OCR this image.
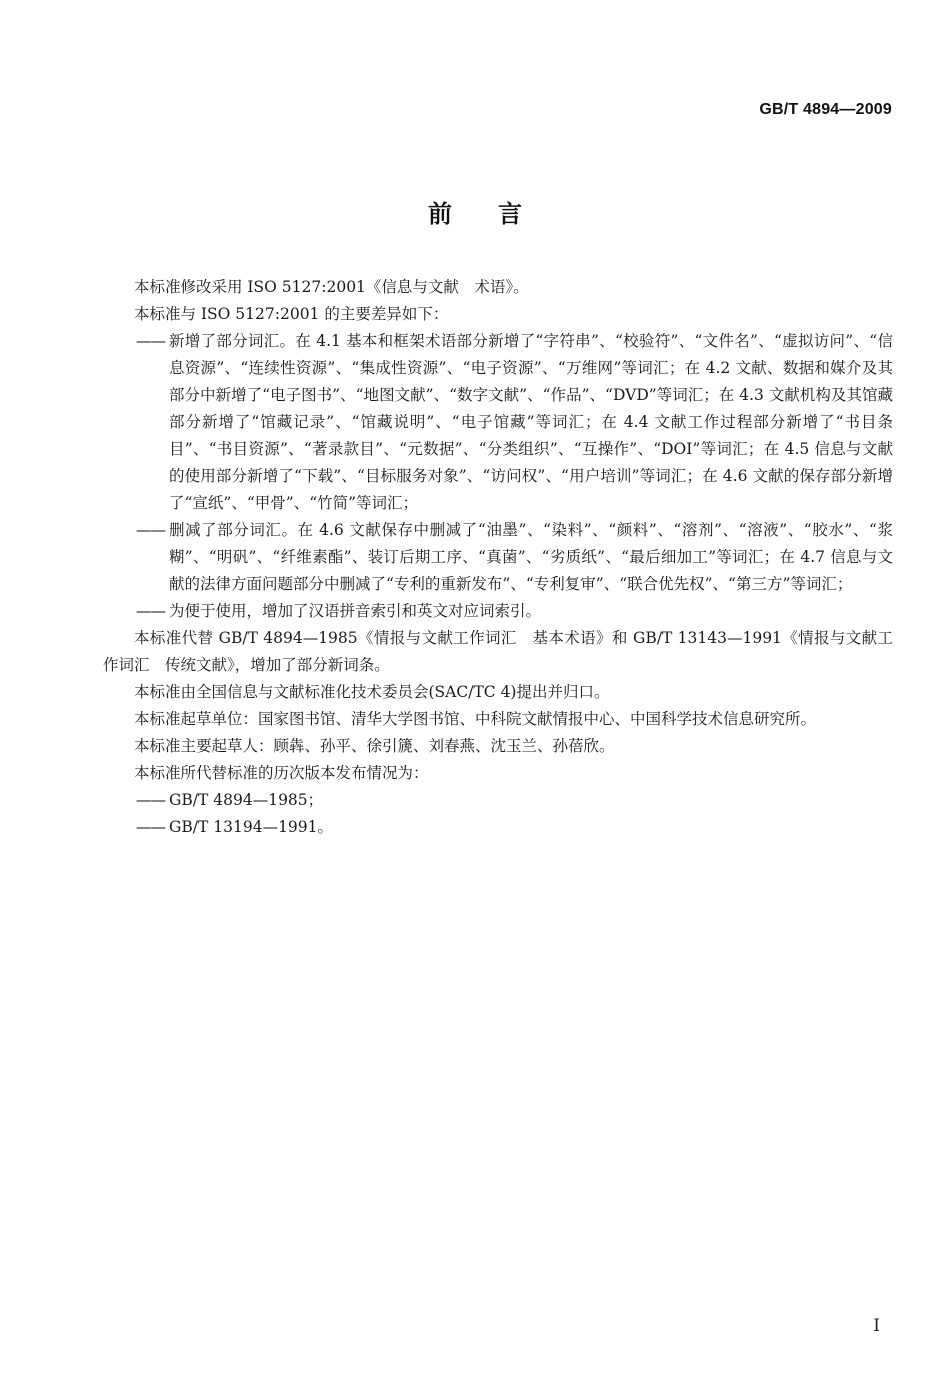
GB/T 4894—2009
前言

本标准修改采用 ISO 5127:2001《信息与文献　术语》。

本标准与 ISO 5127:2001 的主要差异如下：

—— 新增了部分词汇。在 4.1 基本和框架术语部分新增了“字符串”、“校验符”、“文件名”、“虚拟访问”、“信息资源”、“连续性资源”、“集成性资源”、“电子资源”、“万维网”等词汇；在 4.2 文献、数据和媒介及其部分中新增了“电子图书”、“地图文献”、“数字文献”、“作品”、“DVD”等词汇；在 4.3 文献机构及其馆藏部分新增了“馆藏记录”、“馆藏说明”、“电子馆藏”等词汇；在 4.4 文献工作过程部分新增了“书目条目”、“书目资源”、“著录款目”、“元数据”、“分类组织”、“互操作”、“DOI”等词汇；在 4.5 信息与文献的使用部分新增了“下载”、“目标服务对象”、“访问权”、“用户培训”等词汇；在 4.6 文献的保存部分新增了“宣纸”、“甲骨”、“竹简”等词汇；
—— 删减了部分词汇。在 4.6 文献保存中删减了“油墨”、“染料”、“颜料”、“溶剂”、“溶液”、“胶水”、“浆糊”、“明矾”、“纤维素酯”、装订后期工序、“真菌”、“劣质纸”、“最后细加工”等词汇；在 4.7 信息与文献的法律方面问题部分中删减了“专利的重新发布”、“专利复审”、“联合优先权”、“第三方”等词汇；
—— 为便于使用，增加了汉语拼音索引和英文对应词索引。

本标准代替 GB/T 4894—1985《情报与文献工作词汇　基本术语》和 GB/T 13143—1991《情报与文献工作词汇　传统文献》，增加了部分新词条。

本标准由全国信息与文献标准化技术委员会(SAC/TC 4)提出并归口。

本标准起草单位：国家图书馆、清华大学图书馆、中科院文献情报中心、中国科学技术信息研究所。

本标准主要起草人：顾犇、孙平、徐引篪、刘春燕、沈玉兰、孙蓓欣。

本标准所代替标准的历次版本发布情况为：

—— GB/T 4894—1985；
—— GB/T 13194—1991。
I
